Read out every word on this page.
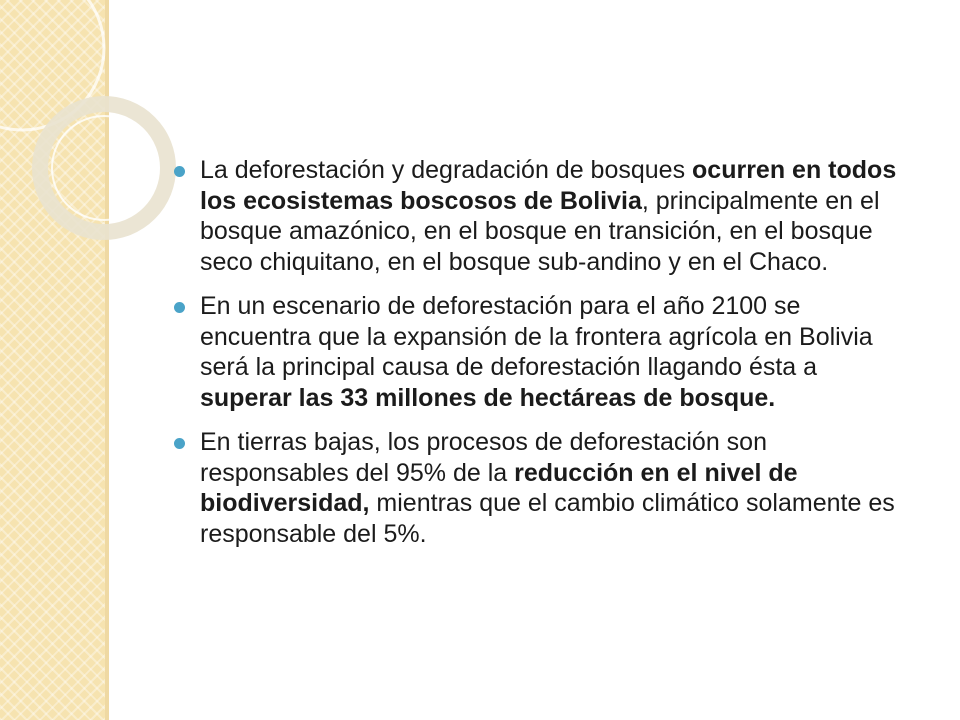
La deforestación y degradación de bosques ocurren en todos los ecosistemas boscosos de Bolivia, principalmente en el bosque amazónico, en el bosque en transición, en el bosque seco chiquitano, en el bosque sub-andino y en el Chaco.
En un escenario de deforestación para el año 2100 se encuentra que la expansión de la frontera agrícola en Bolivia será la principal causa de deforestación llagando ésta a superar las 33 millones de hectáreas de bosque.
En tierras bajas, los procesos de deforestación son responsables del 95% de la reducción en el nivel de biodiversidad, mientras que el cambio climático solamente es responsable del 5%.
